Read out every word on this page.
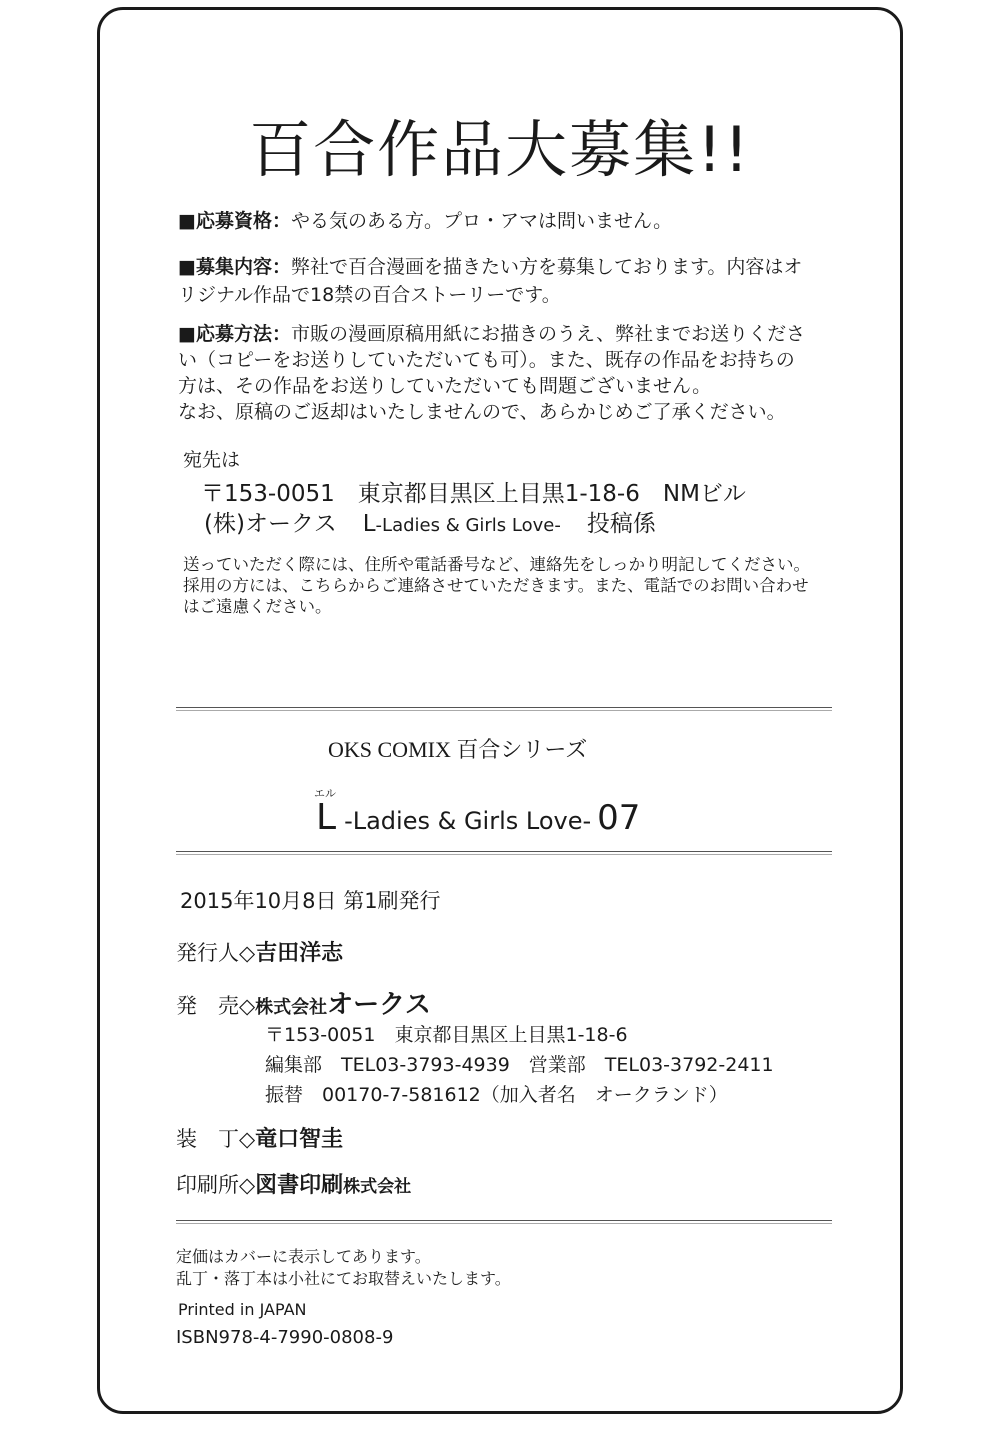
百合作品大募集!!
■応募資格：やる気のある方。プロ・アマは問いません。
■募集内容：弊社で百合漫画を描きたい方を募集しております。内容はオ
リジナル作品で18禁の百合ストーリーです。
■応募方法：市販の漫画原稿用紙にお描きのうえ、弊社までお送りくださ
い（コピーをお送りしていただいても可）。また、既存の作品をお持ちの
方は、その作品をお送りしていただいても問題ございません。
なお、原稿のご返却はいたしませんので、あらかじめご了承ください。
宛先は
〒153-0051　東京都目黒区上目黒1-18-6　NMビル
(株)オークス L-Ladies & Girls Love- 投稿係
送っていただく際には、住所や電話番号など、連絡先をしっかり明記してください。
採用の方には、こちらからご連絡させていただきます。また、電話でのお問い合わせ
はご遠慮ください。
OKS COMIX 百合シリーズ
エル
L -Ladies & Girls Love- 07
2015年10月8日 第1刷発行
発行人◇吉田洋志
発　売◇株式会社オークス
〒153-0051　東京都目黒区上目黒1-18-6
編集部　TEL03-3793-4939　営業部　TEL03-3792-2411
振替　00170-7-581612（加入者名　オークランド）
装　丁◇竜口智圭
印刷所◇図書印刷株式会社
定価はカバーに表示してあります。
乱丁・落丁本は小社にてお取替えいたします。
Printed in JAPAN
ISBN978-4-7990-0808-9
